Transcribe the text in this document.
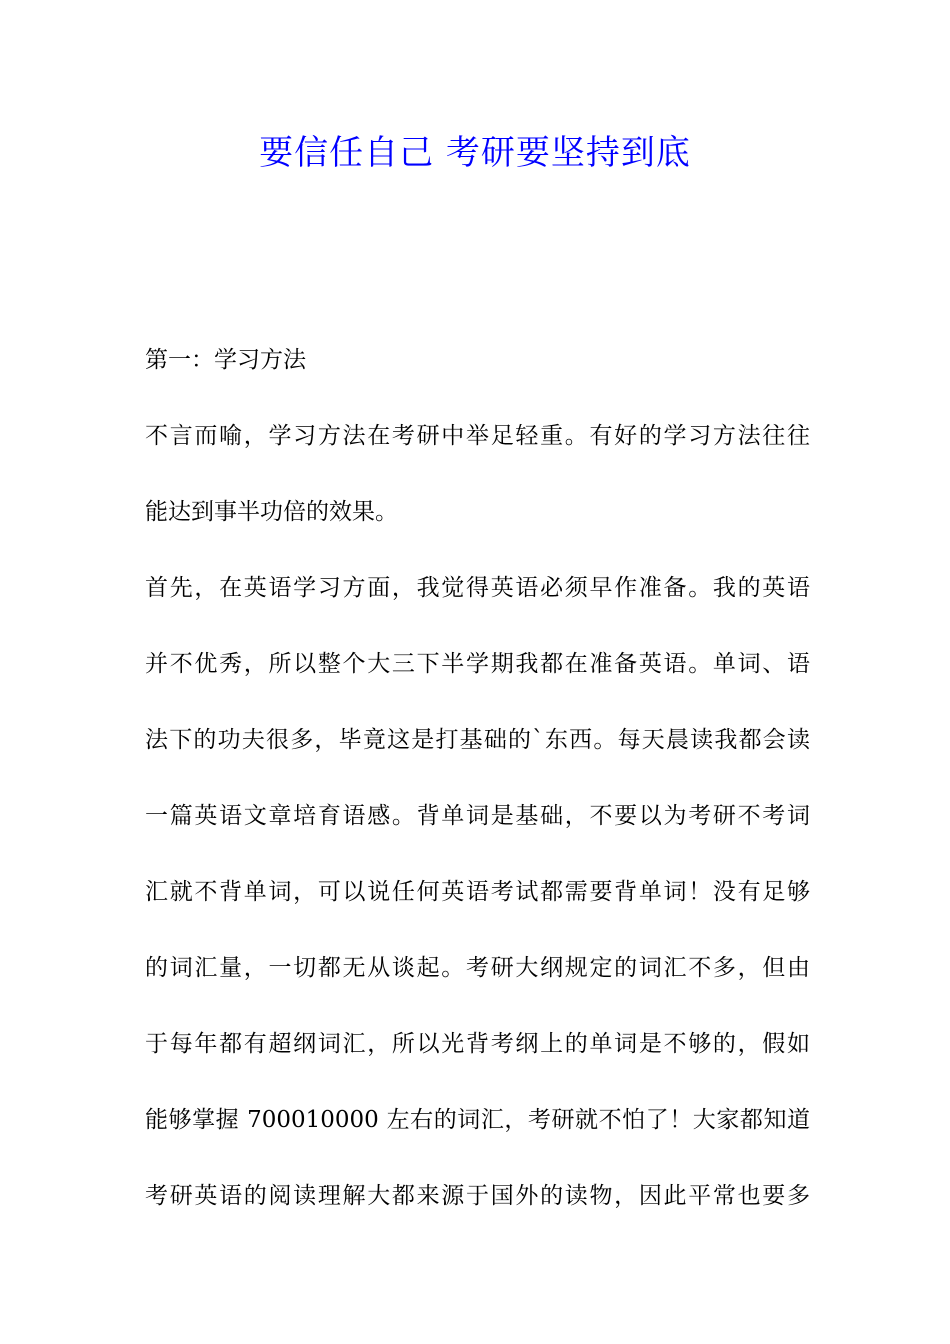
要信任自己 考研要坚持到底
第一：学习方法
不言而喻，学习方法在考研中举足轻重。有好的学习方法往往
能达到事半功倍的效果。
首先，在英语学习方面，我觉得英语必须早作准备。我的英语
并不优秀，所以整个大三下半学期我都在准备英语。单词、语
法下的功夫很多，毕竟这是打基础的`东西。每天晨读我都会读
一篇英语文章培育语感。背单词是基础，不要以为考研不考词
汇就不背单词，可以说任何英语考试都需要背单词！没有足够
的词汇量，一切都无从谈起。考研大纲规定的词汇不多，但由
于每年都有超纲词汇，所以光背考纲上的单词是不够的，假如
能够掌握 700010000 左右的词汇，考研就不怕了！大家都知道
考研英语的阅读理解大都来源于国外的读物，因此平常也要多
